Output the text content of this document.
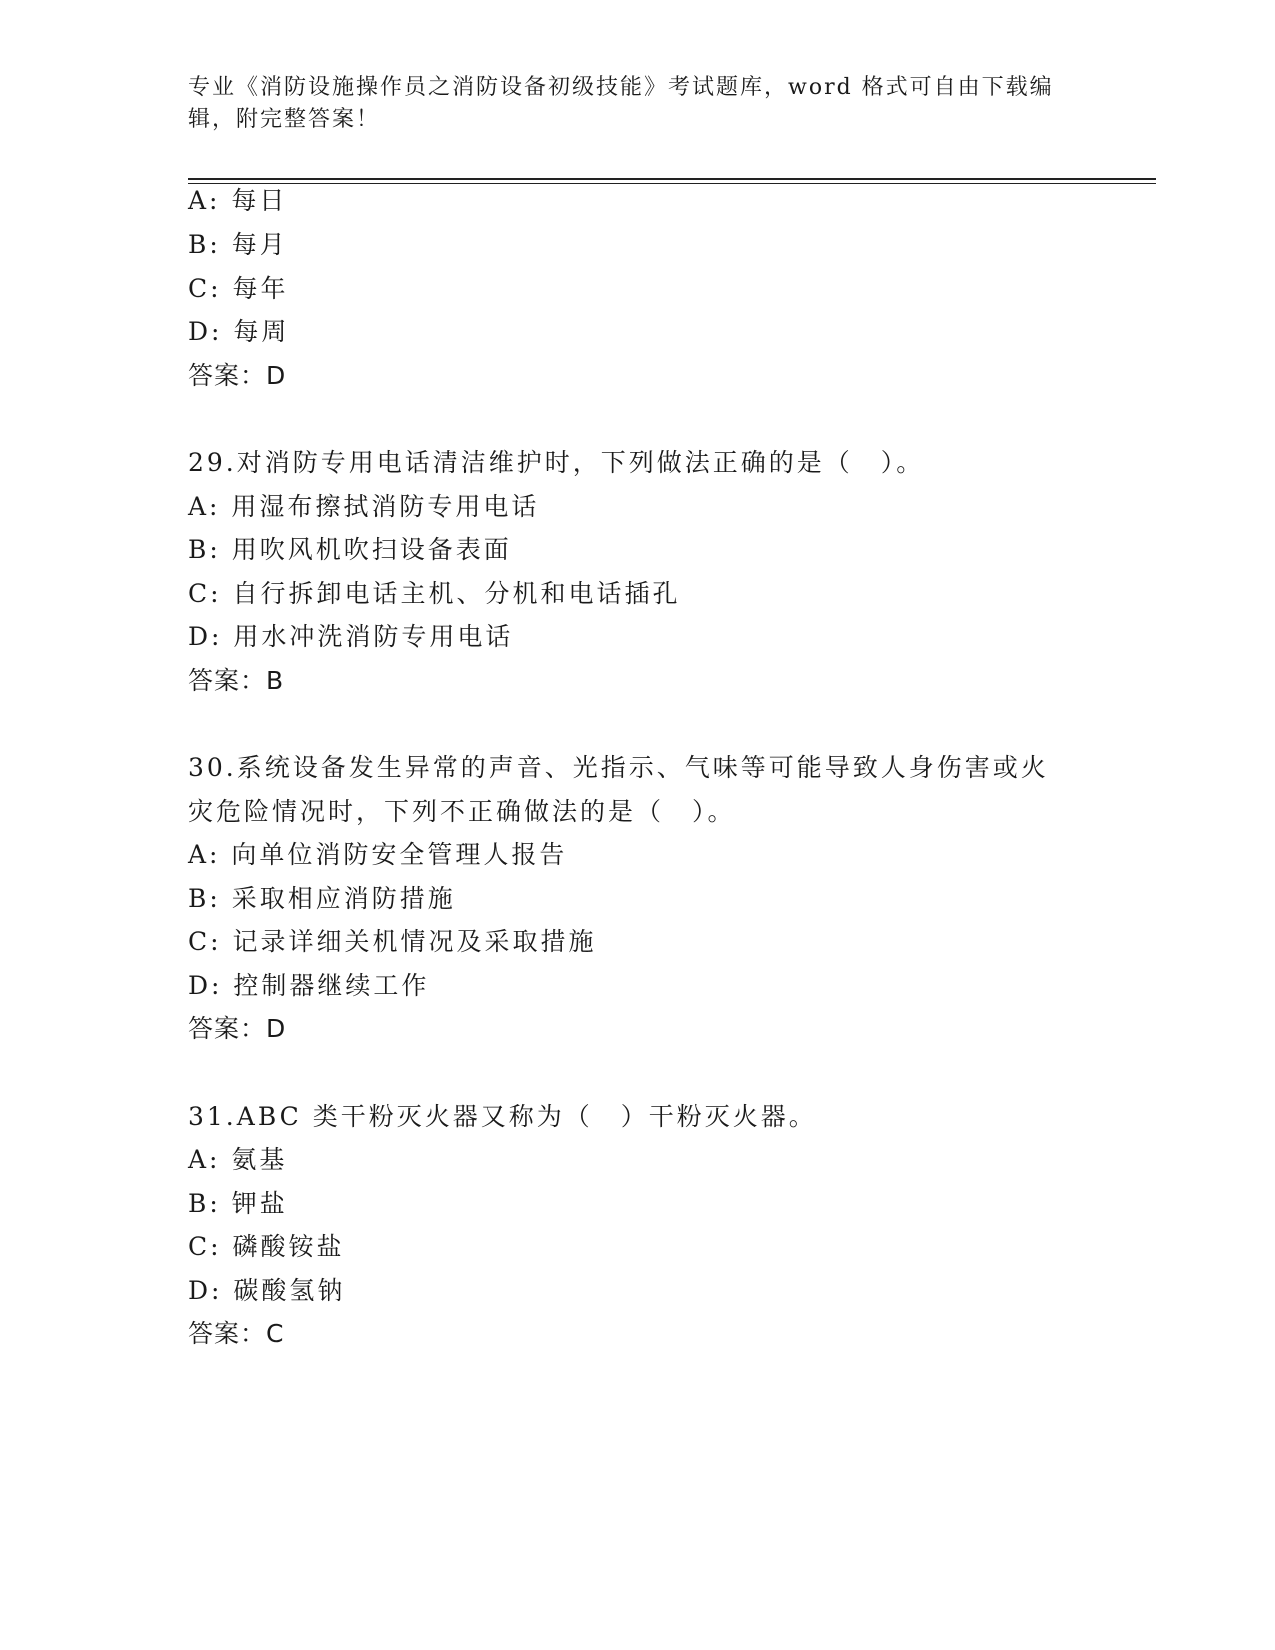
专业《消防设施操作员之消防设备初级技能》考试题库，word 格式可自由下载编
辑，附完整答案！
A: 每日
B: 每月
C: 每年
D: 每周
答案：D
29.对消防专用电话清洁维护时，下列做法正确的是（　）。
A: 用湿布擦拭消防专用电话
B: 用吹风机吹扫设备表面
C: 自行拆卸电话主机、分机和电话插孔
D: 用水冲洗消防专用电话
答案：B
30.系统设备发生异常的声音、光指示、气味等可能导致人身伤害或火
灾危险情况时，下列不正确做法的是（　）。
A: 向单位消防安全管理人报告
B: 采取相应消防措施
C: 记录详细关机情况及采取措施
D: 控制器继续工作
答案：D
31.ABC 类干粉灭火器又称为（　）干粉灭火器。
A: 氨基
B: 钾盐
C: 磷酸铵盐
D: 碳酸氢钠
答案：C
